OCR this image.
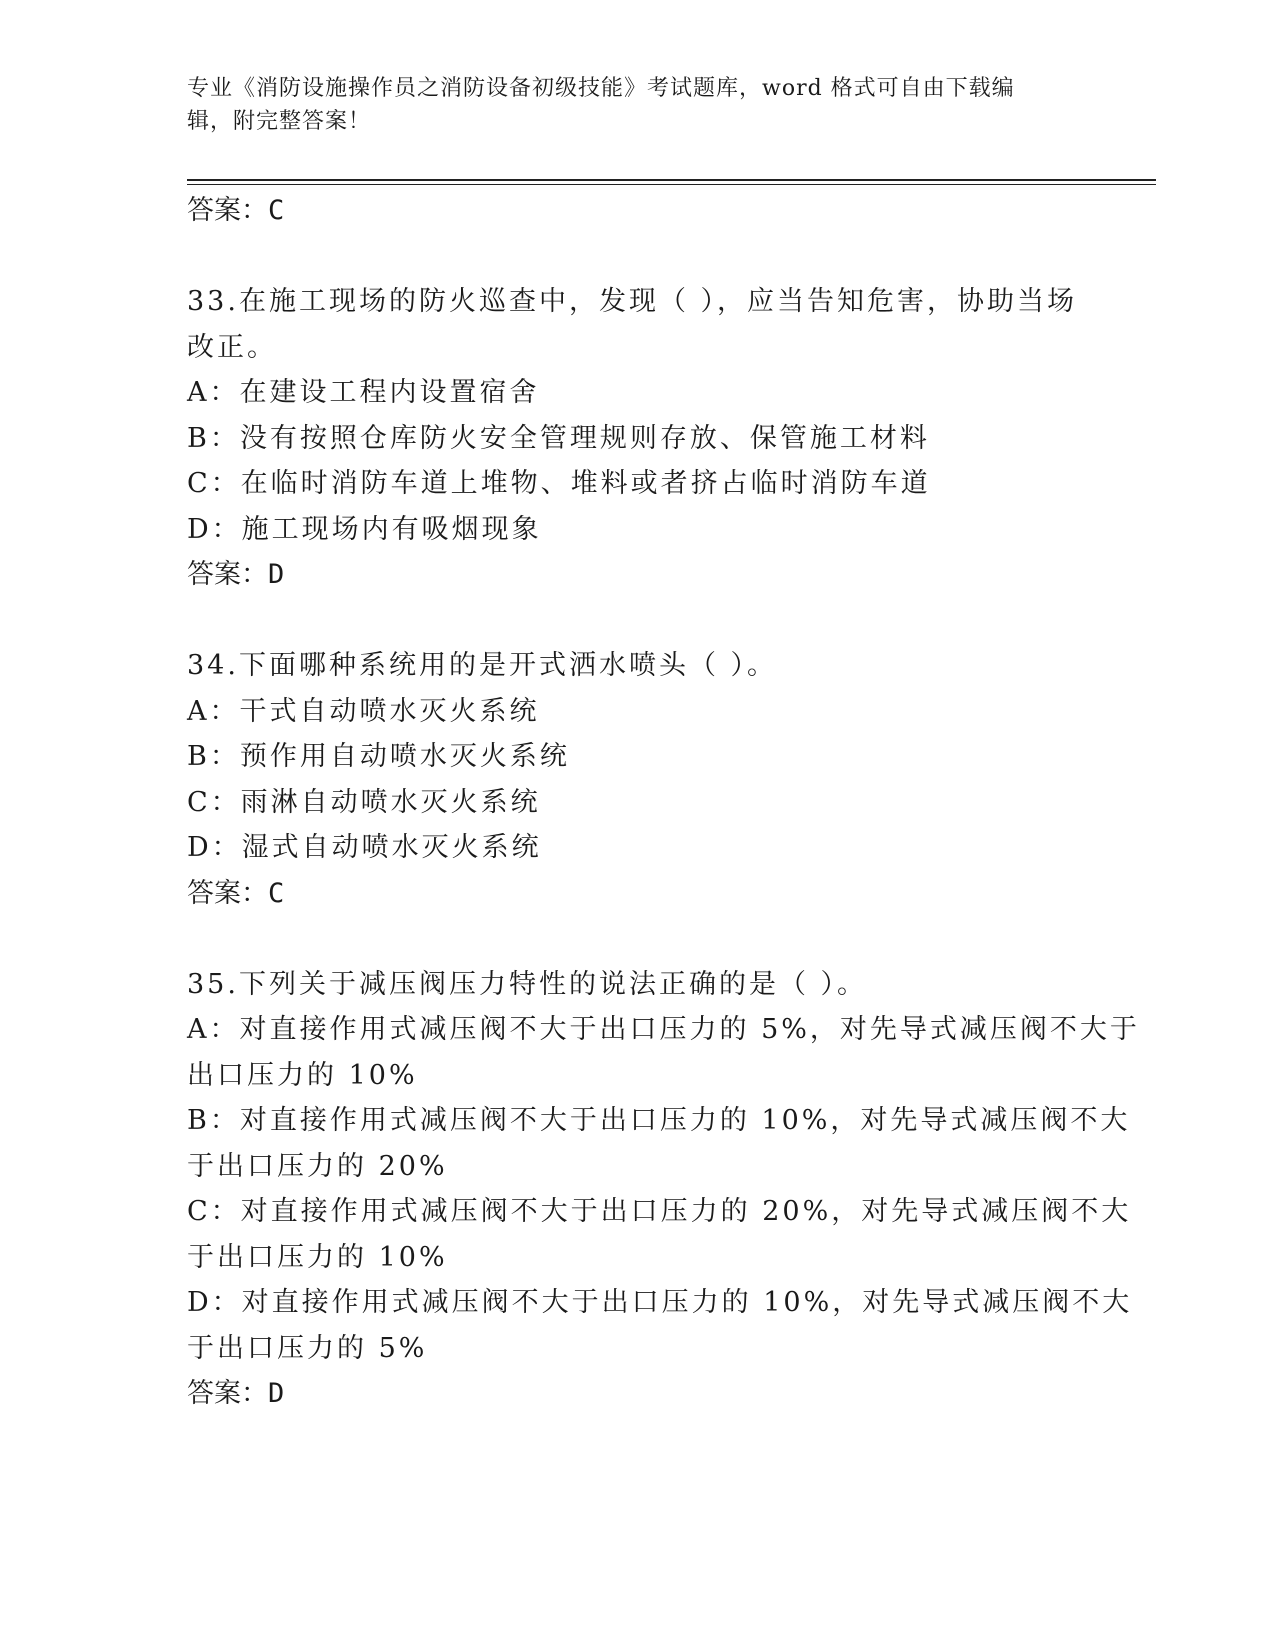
专业《消防设施操作员之消防设备初级技能》考试题库，word 格式可自由下载编
辑，附完整答案！
答案：C
33.在施工现场的防火巡查中，发现（ ），应当告知危害，协助当场
改正。
A：在建设工程内设置宿舍
B：没有按照仓库防火安全管理规则存放、保管施工材料
C：在临时消防车道上堆物、堆料或者挤占临时消防车道
D：施工现场内有吸烟现象
答案：D
34.下面哪种系统用的是开式洒水喷头（ ）。
A：干式自动喷水灭火系统
B：预作用自动喷水灭火系统
C：雨淋自动喷水灭火系统
D：湿式自动喷水灭火系统
答案：C
35.下列关于减压阀压力特性的说法正确的是（ ）。
A：对直接作用式减压阀不大于出口压力的 5%，对先导式减压阀不大于
出口压力的 10%
B：对直接作用式减压阀不大于出口压力的 10%，对先导式减压阀不大
于出口压力的 20%
C：对直接作用式减压阀不大于出口压力的 20%，对先导式减压阀不大
于出口压力的 10%
D：对直接作用式减压阀不大于出口压力的 10%，对先导式减压阀不大
于出口压力的 5%
答案：D
